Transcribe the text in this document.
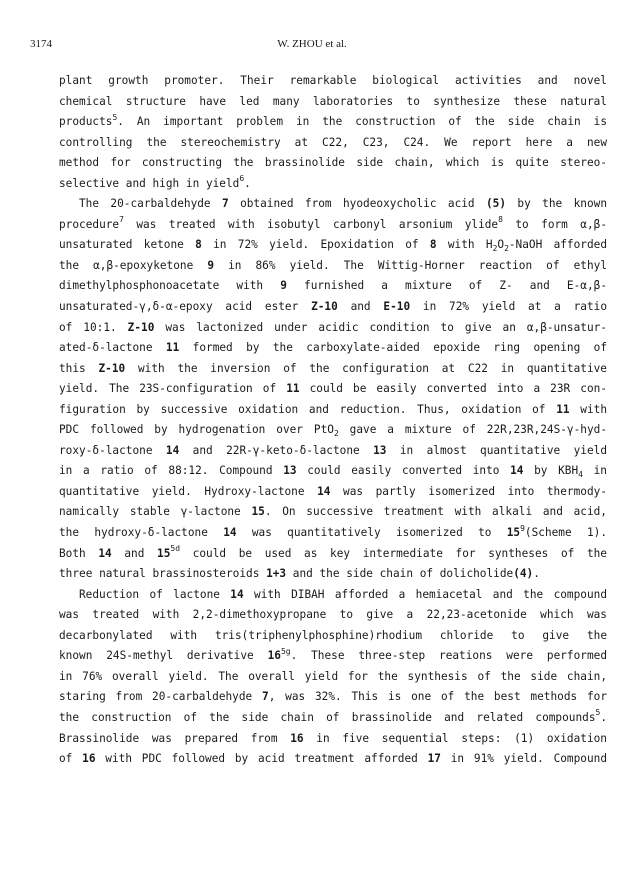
3174	W. ZHOU et al.
plant growth promoter. Their remarkable biological activities and novel
chemical structure have led many laboratories to synthesize these natural
products$^5$. An important problem in the construction of the side chain is
controlling the stereochemistry at C22, C23, C24. We report here a new
method for constructing the brassinolide side chain, which is quite stereo-
selective and high in yield$^6$.
The 20-carbaldehyde 7 obtained from hyodeoxycholic acid (5) by the known
procedure$^7$ was treated with isobutyl carbonyl arsonium ylide$^8$ to form α,β-
unsaturated ketone 8 in 72% yield. Epoxidation of 8 with $H_2O_2$-NaOH afforded
the α,β-epoxyketone 9 in 86% yield. The Wittig-Horner reaction of ethyl
dimethylphosphonoacetate with 9 furnished a mixture of Z- and E-α,β-
unsaturated-γ,δ-α-epoxy acid ester Z-10 and E-10 in 72% yield at a ratio
of 10:1. Z-10 was lactonized under acidic condition to give an α,β-unsatur-
ated-δ-lactone 11 formed by the carboxylate-aided epoxide ring opening of
this Z-10 with the inversion of the configuration at C22 in quantitative
yield. The 23S-configuration of 11 could be easily converted into a 23R con-
figuration by successive oxidation and reduction. Thus, oxidation of 11 with
PDC followed by hydrogenation over PtO$_2$ gave a mixture of 22R,23R,24S-γ-hyd-
roxy-δ-lactone 14 and 22R-γ-keto-δ-lactone 13 in almost quantitative yield
in a ratio of 88:12. Compound 13 could easily converted into 14 by $KBH_4$ in
quantitative yield. Hydroxy-lactone 14 was partly isomerized into thermody-
namically stable γ-lactone 15. On successive treatment with alkali and acid,
the hydroxy-δ-lactone 14 was quantitatively isomerized to $15^9(Scheme$ 1).
Both 14 and $15^{5d}$ could be used as key intermediate for syntheses of the
three natural brassinosteroids 1+3 and the side chain of dolicholide(4).
Reduction of lactone 14 with DIBAH afforded a hemiacetal and the compound
was treated with 2,2-dimethoxypropane to give a 22,23-acetonide which was
decarbonylated with tris(triphenylphosphine)rhodium chloride to give the
known 24S-methyl derivative $16^{5g}$. These three-step reations were performed
in 76% overall yield. The overall yield for the synthesis of the side chain,
staring from 20-carbaldehyde 7, was 32%. This is one of the best methods for
the construction of the side chain of brassinolide and related compounds$^5$.
Brassinolide was prepared from 16 in five sequential steps: (1) oxidation
of 16 with PDC followed by acid treatment afforded 17 in 91% yield. Compound
